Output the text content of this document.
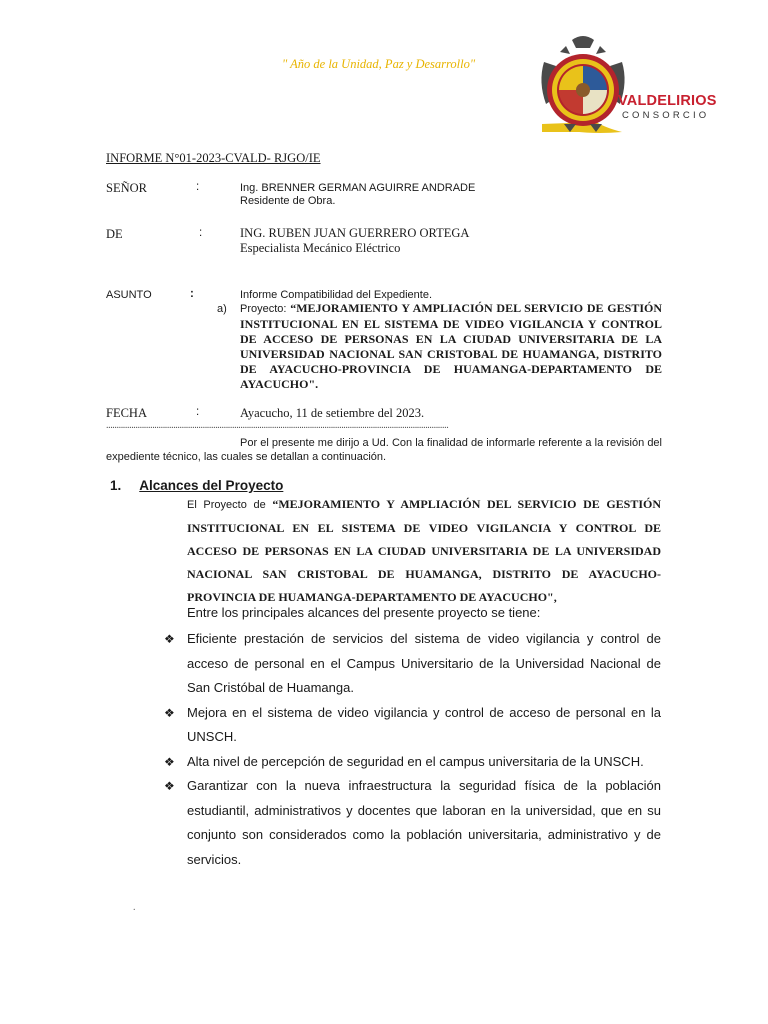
" Año de la Unidad, Paz y Desarrollo"
VALDELIRIOS
CONSORCIO
INFORME N°01-2023-CVALD- RJGO/IE
SEÑOR	:	Ing. BRENNER GERMAN AGUIRRE ANDRADE
Residente de Obra.
DE	:	ING. RUBEN JUAN GUERRERO ORTEGA
Especialista Mecánico Eléctrico
ASUNTO	:	Informe Compatibilidad del Expediente.
a) Proyecto: “MEJORAMIENTO Y AMPLIACIÓN DEL SERVICIO DE GESTIÓN INSTITUCIONAL EN EL SISTEMA DE VIDEO VIGILANCIA Y CONTROL DE ACCESO DE PERSONAS EN LA CIUDAD UNIVERSITARIA DE LA UNIVERSIDAD NACIONAL SAN CRISTOBAL DE HUAMANGA, DISTRITO DE AYACUCHO-PROVINCIA DE HUAMANGA-DEPARTAMENTO DE AYACUCHO".
FECHA	:	Ayacucho, 11 de setiembre del 2023.
...................................................................................................................................................................
Por el presente me dirijo a Ud. Con la finalidad de informarle referente a la revisión del expediente técnico, las cuales se detallan a continuación.
1. Alcances del Proyecto
El Proyecto de “MEJORAMIENTO Y AMPLIACIÓN DEL SERVICIO DE GESTIÓN INSTITUCIONAL EN EL SISTEMA DE VIDEO VIGILANCIA Y CONTROL DE ACCESO DE PERSONAS EN LA CIUDAD UNIVERSITARIA DE LA UNIVERSIDAD NACIONAL SAN CRISTOBAL DE HUAMANGA, DISTRITO DE AYACUCHO-PROVINCIA DE HUAMANGA-DEPARTAMENTO DE AYACUCHO",
Entre los principales alcances del presente proyecto se tiene:
❖ Eficiente prestación de servicios del sistema de video vigilancia y control de acceso de personal en el Campus Universitario de la Universidad Nacional de San Cristóbal de Huamanga.
❖ Mejora en el sistema de video vigilancia y control de acceso de personal en la UNSCH.
❖ Alta nivel de percepción de seguridad en el campus universitaria de la UNSCH.
❖ Garantizar con la nueva infraestructura la seguridad física de la población estudiantil, administrativos y docentes que laboran en la universidad, que en su conjunto son considerados como la población universitaria, administrativo y de servicios.
.
